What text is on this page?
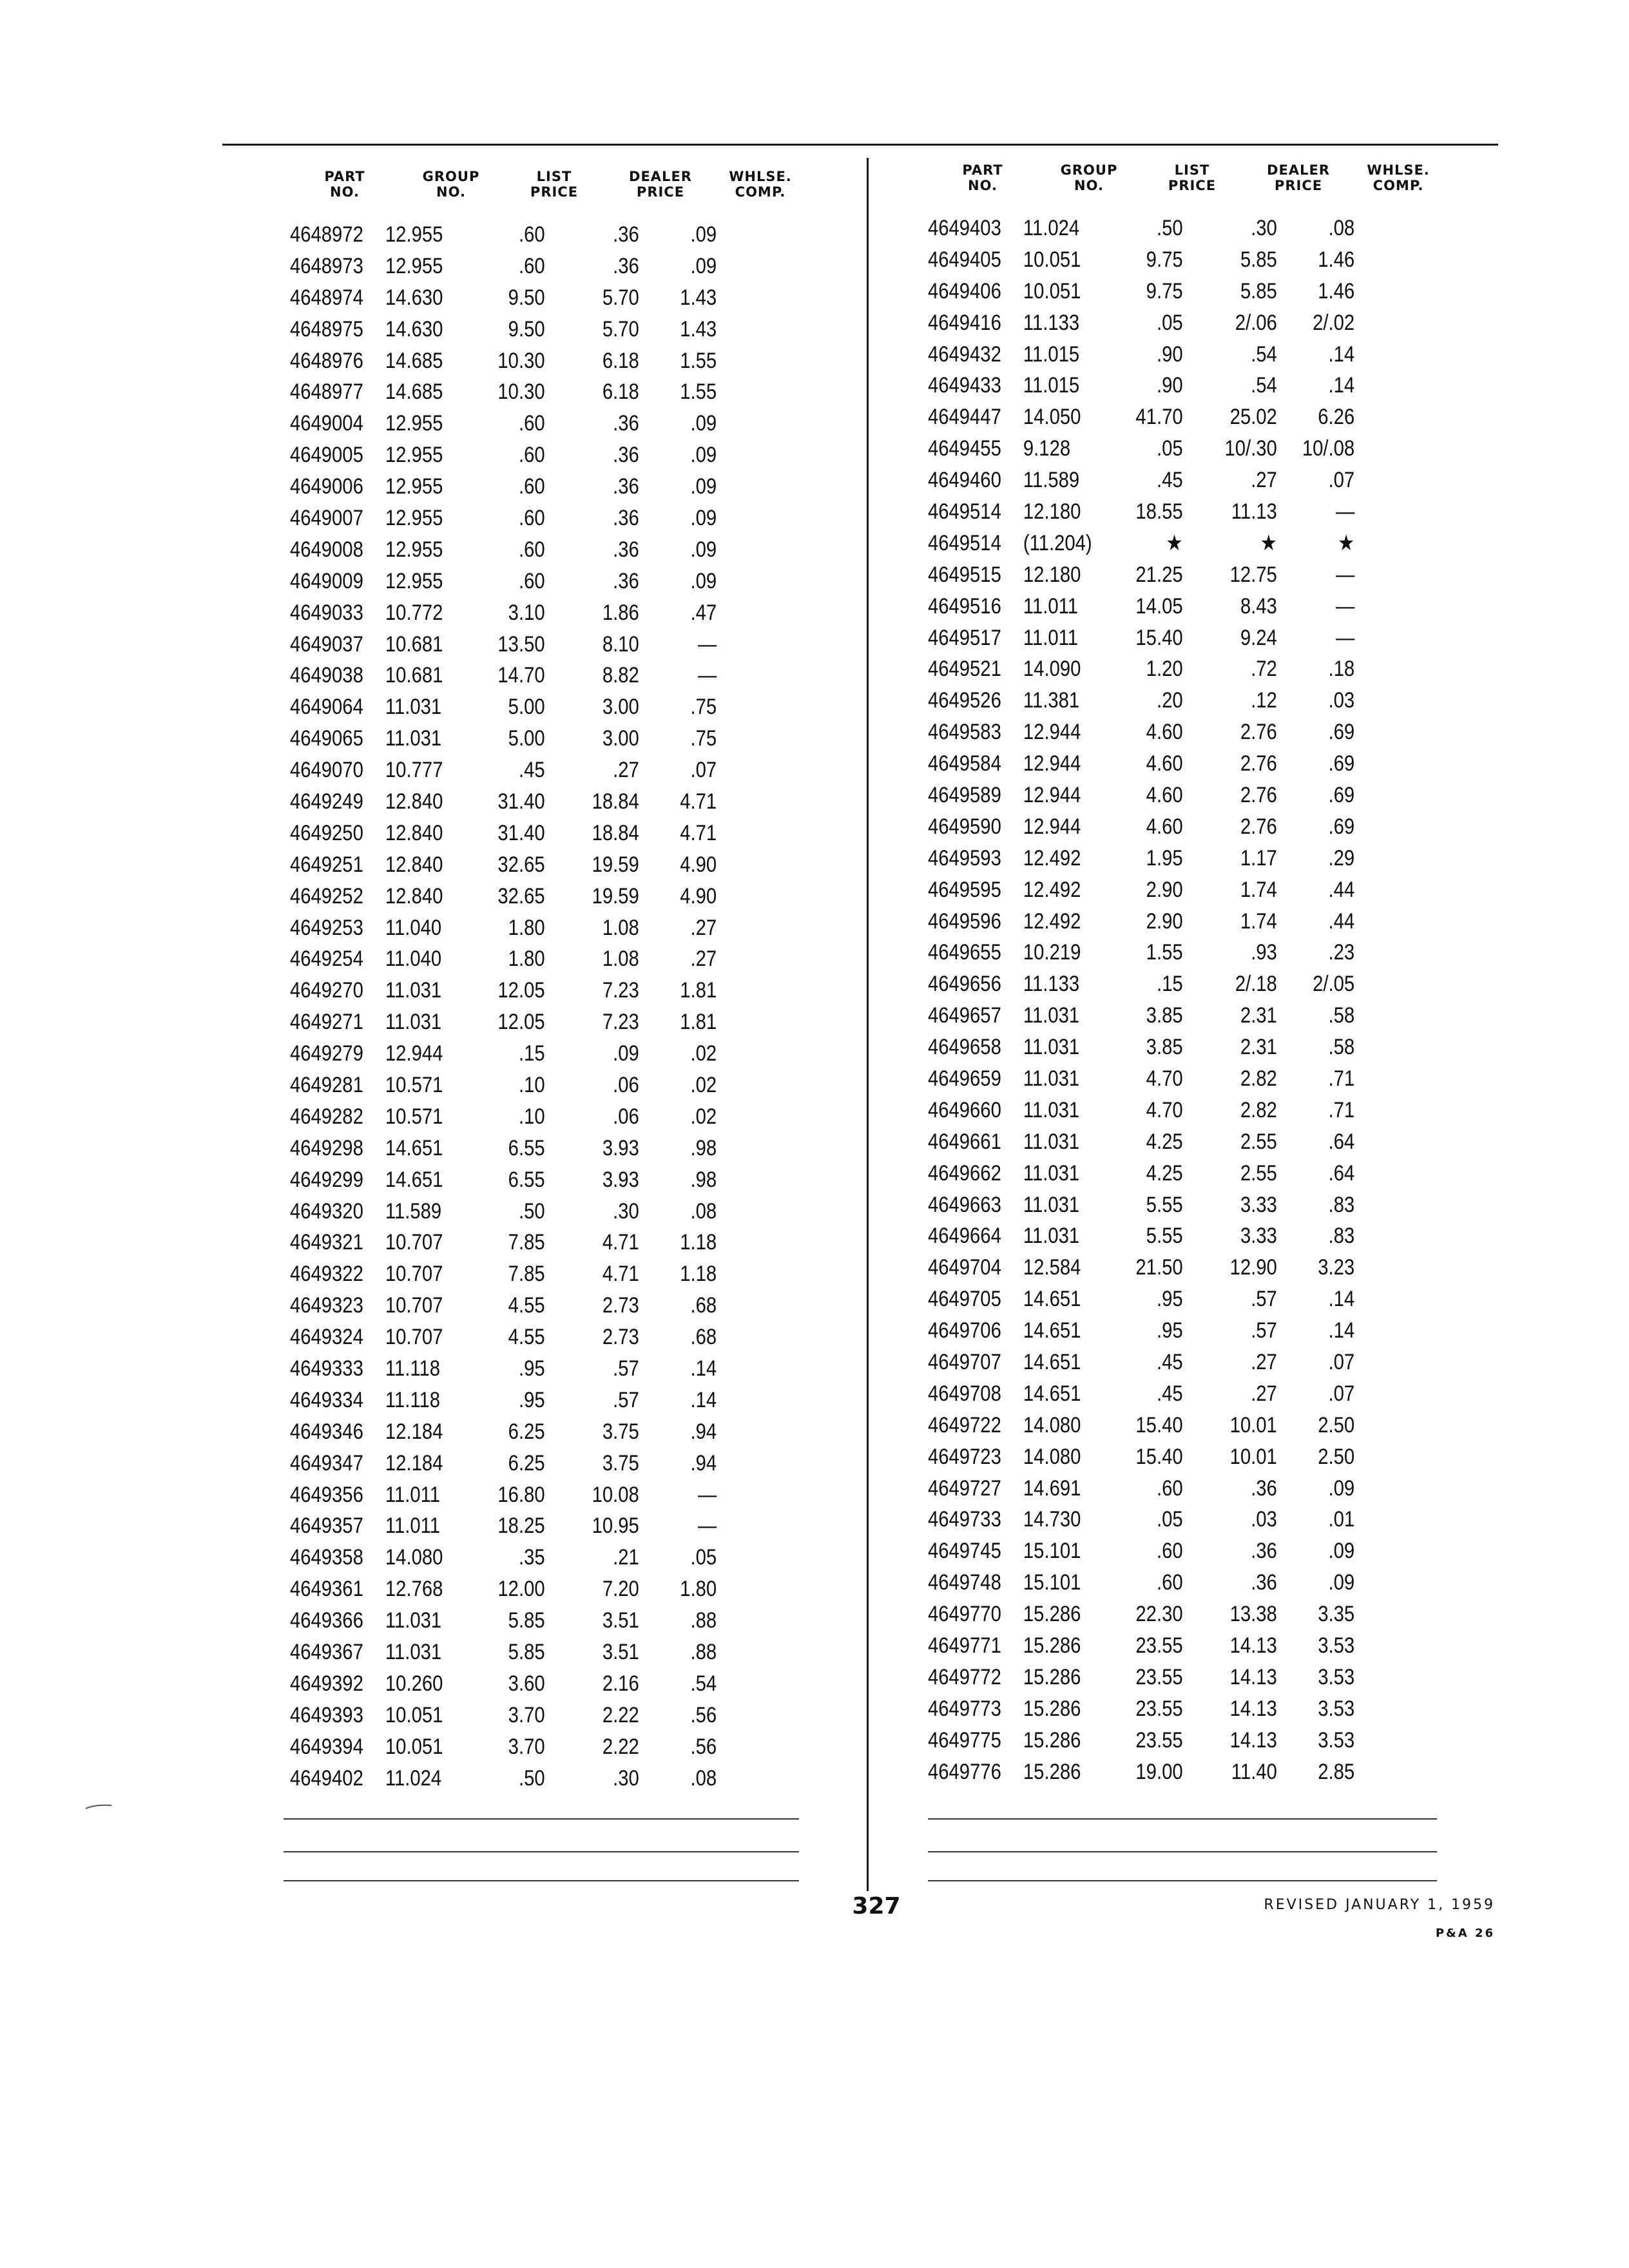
PART
NO.
GROUP
NO.
LIST
PRICE
DEALER
PRICE
WHLSE.
COMP.
4648972	12.955	.60	.36	.09
4648973	12.955	.60	.36	.09
4648974	14.630	9.50	5.70	1.43
4648975	14.630	9.50	5.70	1.43
4648976	14.685	10.30	6.18	1.55
4648977	14.685	10.30	6.18	1.55
4649004	12.955	.60	.36	.09
4649005	12.955	.60	.36	.09
4649006	12.955	.60	.36	.09
4649007	12.955	.60	.36	.09
4649008	12.955	.60	.36	.09
4649009	12.955	.60	.36	.09
4649033	10.772	3.10	1.86	.47
4649037	10.681	13.50	8.10	—
4649038	10.681	14.70	8.82	—
4649064	11.031	5.00	3.00	.75
4649065	11.031	5.00	3.00	.75
4649070	10.777	.45	.27	.07
4649249	12.840	31.40	18.84	4.71
4649250	12.840	31.40	18.84	4.71
4649251	12.840	32.65	19.59	4.90
4649252	12.840	32.65	19.59	4.90
4649253	11.040	1.80	1.08	.27
4649254	11.040	1.80	1.08	.27
4649270	11.031	12.05	7.23	1.81
4649271	11.031	12.05	7.23	1.81
4649279	12.944	.15	.09	.02
4649281	10.571	.10	.06	.02
4649282	10.571	.10	.06	.02
4649298	14.651	6.55	3.93	.98
4649299	14.651	6.55	3.93	.98
4649320	11.589	.50	.30	.08
4649321	10.707	7.85	4.71	1.18
4649322	10.707	7.85	4.71	1.18
4649323	10.707	4.55	2.73	.68
4649324	10.707	4.55	2.73	.68
4649333	11.118	.95	.57	.14
4649334	11.118	.95	.57	.14
4649346	12.184	6.25	3.75	.94
4649347	12.184	6.25	3.75	.94
4649356	11.011	16.80	10.08	—
4649357	11.011	18.25	10.95	—
4649358	14.080	.35	.21	.05
4649361	12.768	12.00	7.20	1.80
4649366	11.031	5.85	3.51	.88
4649367	11.031	5.85	3.51	.88
4649392	10.260	3.60	2.16	.54
4649393	10.051	3.70	2.22	.56
4649394	10.051	3.70	2.22	.56
4649402	11.024	.50	.30	.08
PART
NO.
GROUP
NO.
LIST
PRICE
DEALER
PRICE
WHLSE.
COMP.
4649403	11.024	.50	.30	.08
4649405	10.051	9.75	5.85	1.46
4649406	10.051	9.75	5.85	1.46
4649416	11.133	.05	2/.06	2/.02
4649432	11.015	.90	.54	.14
4649433	11.015	.90	.54	.14
4649447	14.050	41.70	25.02	6.26
4649455	9.128	.05	10/.30	10/.08
4649460	11.589	.45	.27	.07
4649514	12.180	18.55	11.13	—
4649514	(11.204)	★	★	★
4649515	12.180	21.25	12.75	—
4649516	11.011	14.05	8.43	—
4649517	11.011	15.40	9.24	—
4649521	14.090	1.20	.72	.18
4649526	11.381	.20	.12	.03
4649583	12.944	4.60	2.76	.69
4649584	12.944	4.60	2.76	.69
4649589	12.944	4.60	2.76	.69
4649590	12.944	4.60	2.76	.69
4649593	12.492	1.95	1.17	.29
4649595	12.492	2.90	1.74	.44
4649596	12.492	2.90	1.74	.44
4649655	10.219	1.55	.93	.23
4649656	11.133	.15	2/.18	2/.05
4649657	11.031	3.85	2.31	.58
4649658	11.031	3.85	2.31	.58
4649659	11.031	4.70	2.82	.71
4649660	11.031	4.70	2.82	.71
4649661	11.031	4.25	2.55	.64
4649662	11.031	4.25	2.55	.64
4649663	11.031	5.55	3.33	.83
4649664	11.031	5.55	3.33	.83
4649704	12.584	21.50	12.90	3.23
4649705	14.651	.95	.57	.14
4649706	14.651	.95	.57	.14
4649707	14.651	.45	.27	.07
4649708	14.651	.45	.27	.07
4649722	14.080	15.40	10.01	2.50
4649723	14.080	15.40	10.01	2.50
4649727	14.691	.60	.36	.09
4649733	14.730	.05	.03	.01
4649745	15.101	.60	.36	.09
4649748	15.101	.60	.36	.09
4649770	15.286	22.30	13.38	3.35
4649771	15.286	23.55	14.13	3.53
4649772	15.286	23.55	14.13	3.53
4649773	15.286	23.55	14.13	3.53
4649775	15.286	23.55	14.13	3.53
4649776	15.286	19.00	11.40	2.85
327	REVISED JANUARY 1, 1959
P&A 26
